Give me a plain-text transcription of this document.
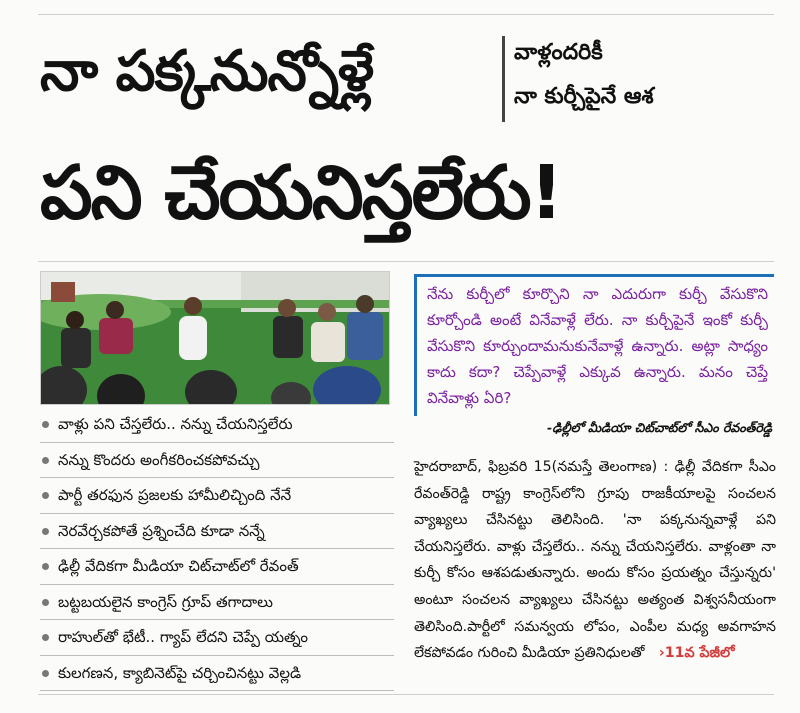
నా పక్కనున్నోళ్లే	వాళ్లందరికీ
నా కుర్చీపైనే ఆశ
పని చేయనిస్తలేరు!
వాళ్లు పని చేస్తలేరు.. నన్ను చేయనిస్తలేరు
నన్ను కొందరు అంగీకరించకపోవచ్చు
పార్టీ తరఫున ప్రజలకు హామీలిచ్చింది నేనే
నెరవేర్చకపోతే ప్రశ్నించేది కూడా నన్నే
ఢిల్లీ వేదికగా మీడియా చిట్‌చాట్‌లో రేవంత్
బట్టబయలైన కాంగ్రెస్ గ్రూప్ తగాదాలు
రాహుల్‌తో భేటీ.. గ్యాప్ లేదని చెప్పే యత్నం
కులగణన, క్యాబినెట్‌పై చర్చించినట్టు వెల్లడి

నేను కుర్చీలో కూర్చొని నా ఎదురుగా కుర్చీ వేసుకొని కూర్చోండి అంటే వినేవాళ్లే లేరు. నా కుర్చీపైనే ఇంకో కుర్చీ వేసుకొని కూర్చుందామనుకునేవాళ్లే ఉన్నారు. అట్లా సాధ్యం కాదు కదా? చెప్పేవాళ్లే ఎక్కువ ఉన్నారు. మనం చెప్తే వినేవాళ్లు ఏరి?

-ఢిల్లీలో మీడియా చిట్‌చాట్‌లో సీఎం రేవంత్‌రెడ్డి
హైదరాబాద్, ఫిబ్రవరి 15(నమస్తే తెలంగాణ) : ఢిల్లీ వేదికగా సీఎం రేవంత్‌రెడ్డి రాష్ట్ర కాంగ్రెస్‌లోని గ్రూపు రాజకీయాలపై సంచలన వ్యాఖ్యలు చేసినట్టు తెలిసింది. 'నా పక్కనున్నవాళ్లే పని చేయనిస్తలేరు. వాళ్లు చేస్తలేరు.. నన్ను చేయనిస్తలేరు. వాళ్లంతా నా కుర్చీ కోసం ఆశపడుతున్నారు. అందు కోసం ప్రయత్నం చేస్తున్నరు' అంటూ సంచలన వ్యాఖ్యలు చేసినట్టు అత్యంత విశ్వసనీయంగా తెలిసింది.పార్టీలో సమన్వయ లోపం, ఎంపీల మధ్య అవగాహన లేకపోవడం గురించి మీడియా ప్రతినిధులతో   ›11వ పేజీలో
